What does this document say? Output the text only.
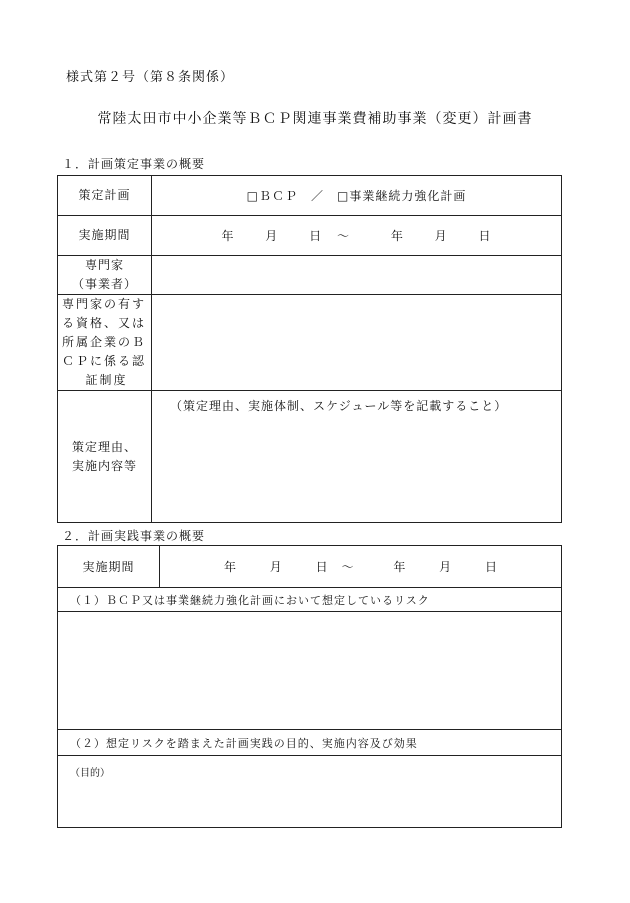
様式第２号（第８条関係）
常陸太田市中小企業等ＢＣＰ関連事業費補助事業（変更）計画書
１．計画策定事業の概要
策定計画	□ＢＣＰ　／　□事業継続力強化計画
実施期間	年 月 日 ～ 年 月 日

専門家
（事業者）	

専門家の有す
る資格、又は
所属企業のＢ
ＣＰに係る認
証制度	

策定理由、
実施内容等	（策定理由、実施体制、スケジュール等を記載すること）
２．計画実践事業の概要
実施期間	年	月	日 ～	年	月	日
（１）ＢＣＰ又は事業継続力強化計画において想定しているリスク

（２）想定リスクを踏まえた計画実践の目的、実施内容及び効果
（目的）
